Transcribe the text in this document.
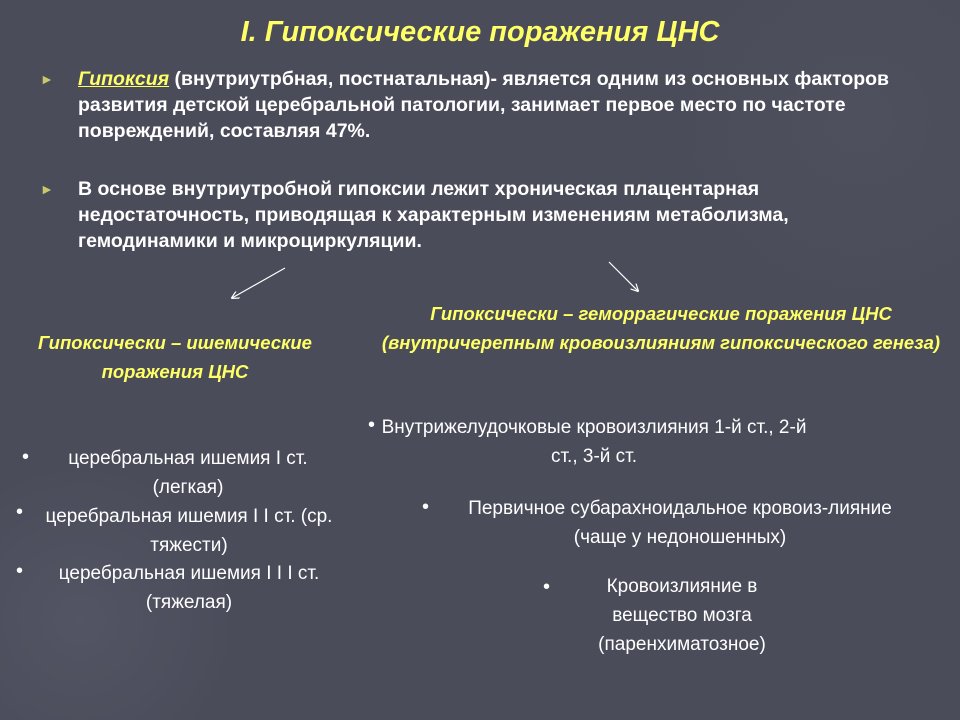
I. Гипоксические поражения ЦНС
► Гипоксия (внутриутрбная, постнатальная)- является одним из основных факторов развития детской церебральной патологии, занимает первое место по частоте повреждений, составляя 47%.
► В основе внутриутробной гипоксии лежит хроническая плацентарная недостаточность, приводящая к характерным изменениям метаболизма, гемодинамики и микроциркуляции.
Гипоксически – ишемические поражения ЦНС
•	церебральная ишемия I ст. (легкая)
•	церебральная ишемия I I ст. (ср. тяжести)
•	церебральная ишемия I I I ст. (тяжелая)
Гипоксически – геморрагические поражения ЦНС (внутричерепным кровоизлияниям гипоксического генеза)
• Внутрижелудочковые кровоизлияния 1-й ст., 2-й ст., 3-й ст.
•	Первичное субарахноидальное кровоиз-лияние (чаще у недоношенных)
•	Кровоизлияние в вещество мозга (паренхиматозное)
